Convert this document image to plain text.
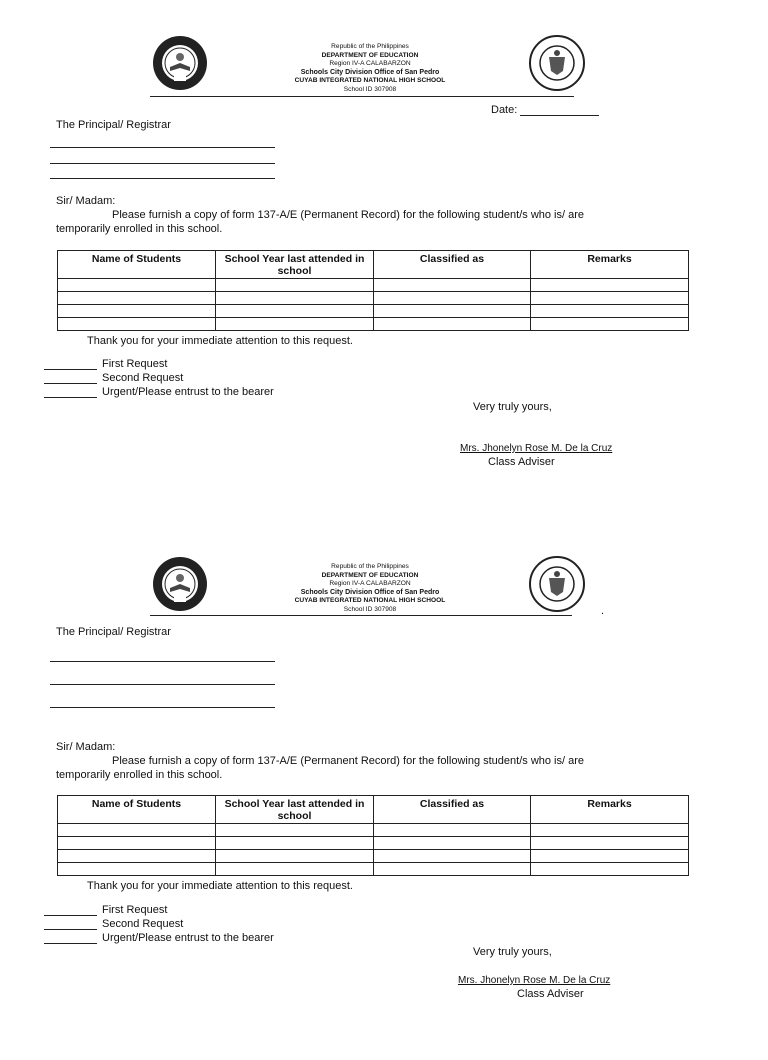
Republic of the Philippines
DEPARTMENT OF EDUCATION
Region IV-A CALABARZON
Schools City Division Office of San Pedro
CUYAB INTEGRATED NATIONAL HIGH SCHOOL
School ID 307908
Date:
The Principal/ Registrar
Sir/ Madam:
Please furnish a copy of form 137-A/E (Permanent Record) for the following student/s who is/ are
temporarily enrolled in this school.
Name of Students	School Year last attended in school	Classified as	Remarks

Thank you for your immediate attention to this request.
First Request
Second Request
Urgent/Please entrust to the bearer
Very truly yours,
Mrs. Jhonelyn Rose M. De la Cruz
Class Adviser
Republic of the Philippines
DEPARTMENT OF EDUCATION
Region IV-A CALABARZON
Schools City Division Office of San Pedro
CUYAB INTEGRATED NATIONAL HIGH SCHOOL
School ID 307908	.
The Principal/ Registrar
Sir/ Madam:
Please furnish a copy of form 137-A/E (Permanent Record) for the following student/s who is/ are
temporarily enrolled in this school.
Name of Students	School Year last attended in school	Classified as	Remarks

Thank you for your immediate attention to this request.
First Request
Second Request
Urgent/Please entrust to the bearer
Very truly yours,
Mrs. Jhonelyn Rose M. De la Cruz
Class Adviser
